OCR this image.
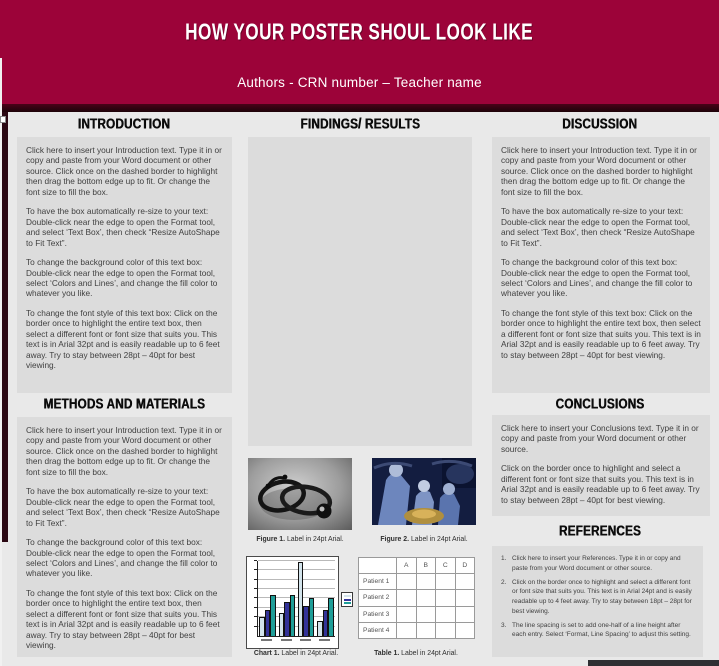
HOW YOUR POSTER SHOUL LOOK LIKE
Authors - CRN number – Teacher name
INTRODUCTION
METHODS AND MATERIALS
FINDINGS/ RESULTS	DISCUSSION
CONCLUSIONS
REFERENCES

Click here to insert your Introduction text. Type it in or copy and paste from your Word document or other source. Click once on the dashed border to highlight then drag the bottom edge up to fit. Or change the font size to fill the box.

To have the box automatically re-size to your text: Double-click near the edge to open the Format tool, and select ‘Text Box’, then check “Resize AutoShape to Fit Text”.

To change the background color of this text box: Double-click near the edge to open the Format tool, select ‘Colors and Lines’, and change the fill color to whatever you like.

To change the font style of this text box: Click on the border once to highlight the entire text box, then select a different font or font size that suits you. This text is in Arial 32pt and is easily readable up to 6 feet away. Try to stay between 28pt – 40pt for best viewing.

Click here to insert your Introduction text. Type it in or copy and paste from your Word document or other source. Click once on the dashed border to highlight then drag the bottom edge up to fit. Or change the font size to fill the box.

To have the box automatically re-size to your text: Double-click near the edge to open the Format tool, and select ‘Text Box’, then check “Resize AutoShape to Fit Text”.

To change the background color of this text box: Double-click near the edge to open the Format tool, select ‘Colors and Lines’, and change the fill color to whatever you like.

To change the font style of this text box: Click on the border once to highlight the entire text box, then select a different font or font size that suits you. This text is in Arial 32pt and is easily readable up to 6 feet away. Try to stay between 28pt – 40pt for best viewing.

Click here to insert your Introduction text. Type it in or copy and paste from your Word document or other source. Click once on the dashed border to highlight then drag the bottom edge up to fit. Or change the font size to fill the box.

To have the box automatically re-size to your text: Double-click near the edge to open the Format tool, and select ‘Text Box’, then check “Resize AutoShape to Fit Text”.

To change the background color of this text box: Double-click near the edge to open the Format tool, select ‘Colors and Lines’, and change the fill color to whatever you like.

To change the font style of this text box: Click on the border once to highlight the entire text box, then select a different font or font size that suits you. This text is in Arial 32pt and is easily readable up to 6 feet away. Try to stay between 28pt – 40pt for best viewing.

Click here to insert your Conclusions text. Type it in or copy and paste from your Word document or other source.

Click on the border once to highlight and select a different font or font size that suits you. This text is in Arial 32pt and is easily readable up to 6 feet away. Try to stay between 28pt – 40pt for best viewing.

Click here to insert your References. Type it in or copy and paste from your Word document or other source.
Click on the border once to highlight and select a different font or font size that suits you. This text is in Arial 24pt and is easily readable up to 4 feet away. Try to stay between 18pt – 28pt for best viewing.
The line spacing is set to add one-half of a line height after each entry. Select ‘Format, Line Spacing’ to adjust this setting.
Figure 1. Label in 24pt Arial.	Figure 2. Label in 24pt Arial.
Chart 1. Label in 24pt Arial.	Table 1. Label in 24pt Arial.
	A	B	C	D
Patient 1				
Patient 2				
Patient 3				
Patient 4				
